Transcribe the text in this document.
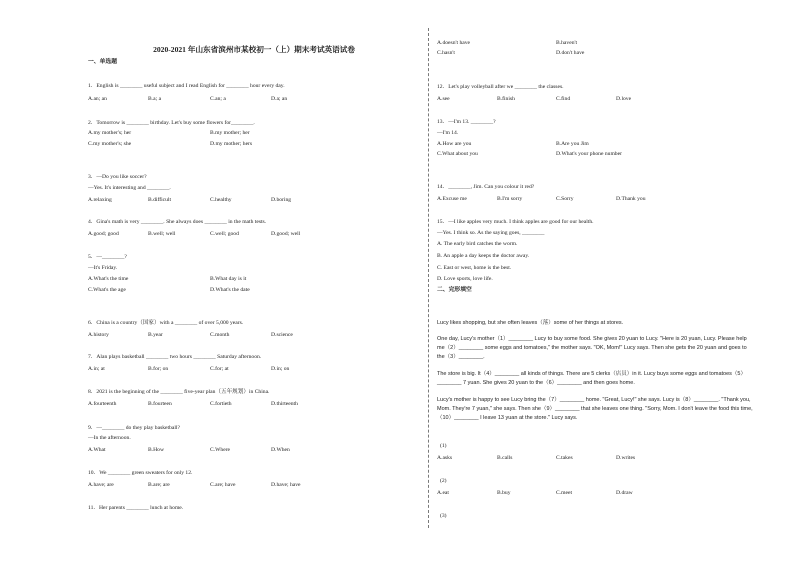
2020-2021 年山东省滨州市某校初一（上）期末考试英语试卷
一、单选题
1．English is ________ useful subject and I read English for ________ hour every day.
A.an; an	B.a; a	C.an; a	D.a; an
2．Tomorrow is ________ birthday. Let's buy some flowers for________.
A.my mother's; her	B.my mother; her
C.my mother's; she	D.my mother; hers
3．—Do you like soccer?
—Yes. It's interesting and ________.
A.relaxing	B.difficult	C.healthy	D.boring
4．Gina's math is very ________. She always does ________ in the math tests.
A.good; good	B.well; well	C.well; good	D.good; well
5．—________?
—It's Friday.
A.What's the time	B.What day is it
C.What's the age	D.What's the date
6．China is a country（国家）with a ________ of over 5,000 years.
A.history	B.year	C.month	D.science
7．Alan plays basketball ________ two hours ________ Saturday afternoon.
A.in; at	B.for; on	C.for; at	D.in; on
8．2021 is the beginning of the ________ five-year plan（五年规划）in China.
A.fourteenth	B.fourteen	C.fortieth	D.thirteenth
9．—________ do they play basketball?
—In the afternoon.
A.What	B.How	C.Where	D.When
10．We ________ green sweaters for only 12.
A.have; are	B.are; are	C.are; have	D.have; have
11．Her parents ________ lunch at home.
A.doesn't have	B.haven't
C.hasn't	D.don't have
12．Let's play volleyball after we ________ the classes.
A.see	B.finish	C.find	D.love
13．—I'm 13. ________?
—I'm 14.
A.How are you	B.Are you Jim
C.What about you	D.What's your phone number
14．________, Jim. Can you colour it red?
A.Excuse me	B.I'm sorry	C.Sorry	D.Thank you
15．—I like apples very much. I think apples are good for our health.
—Yes. I think so. As the saying goes, ________
A. The early bird catches the worm.
B. An apple a day keeps the doctor away.
C. East or west, home is the best.
D. Love sports, love life.
二、完形填空
Lucy likes shopping, but she often leaves（落）some of her things at stores.
One day, Lucy's mother（1）________ Lucy to buy some food. She gives 20 yuan to Lucy. "Here is 20 yuan, Lucy. Please help me（2）________ some eggs and tomatoes," the mother says. "OK, Mom!" Lucy says. Then she gets the 20 yuan and goes to the（3）________.
The store is big. It（4）________ all kinds of things. There are 5 clerks（店员）in it. Lucy buys some eggs and tomatoes（5）________ 7 yuan. She gives 20 yuan to the（6）________ and then goes home.
Lucy's mother is happy to see Lucy bring the（7）________ home. "Great, Lucy!" she says. Lucy is（8）________. "Thank you, Mom. They're 7 yuan," she says. Then she（9）________ that she leaves one thing. "Sorry, Mom. I don't leave the food this time,（10）________ I leave 13 yuan at the store." Lucy says.
(1)
A.asks	B.calls	C.takes	D.writes
(2)
A.eat	B.buy	C.meet	D.draw
(3)
